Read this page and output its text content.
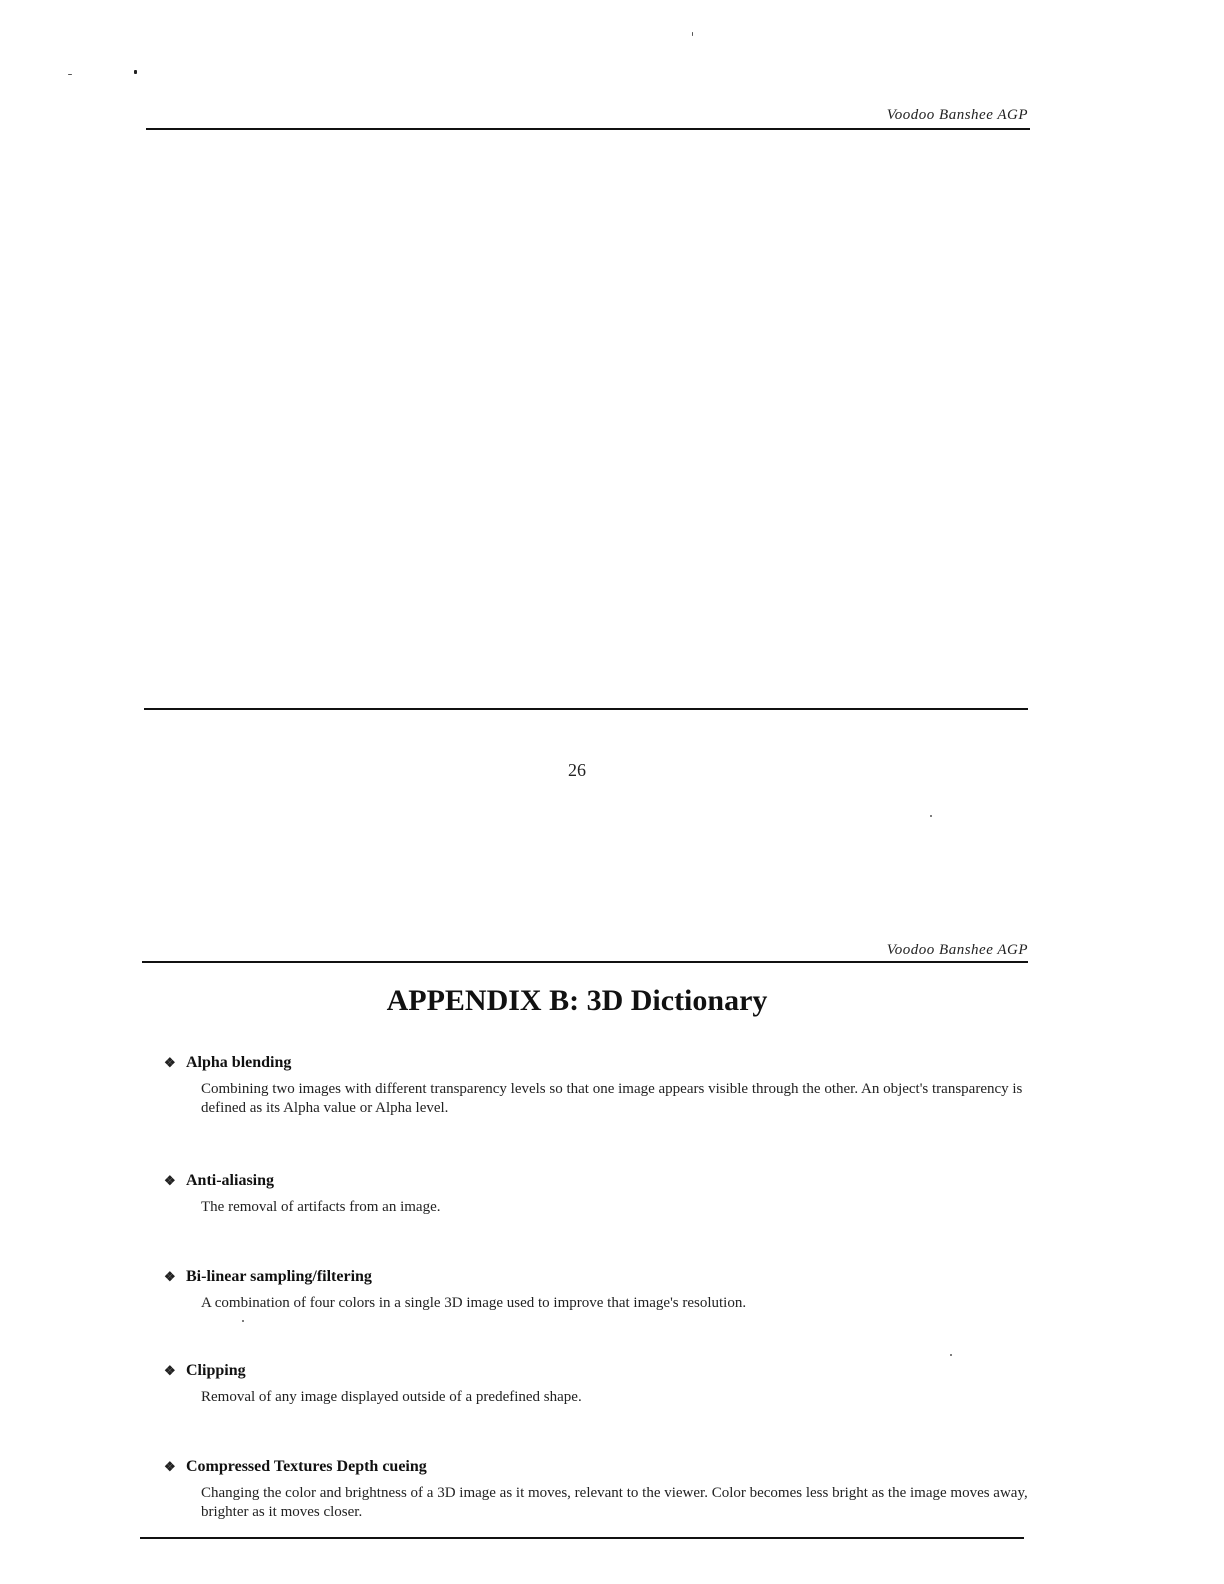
Voodoo Banshee AGP
26
Voodoo Banshee AGP
APPENDIX B: 3D Dictionary
❖ Alpha blending

Combining two images with different transparency levels so that one image appears visible through the other. An object's transparency is defined as its Alpha value or Alpha level.

❖ Anti-aliasing

The removal of artifacts from an image.

❖ Bi-linear sampling/filtering

A combination of four colors in a single 3D image used to improve that image's resolution.

❖ Clipping

Removal of any image displayed outside of a predefined shape.

❖ Compressed Textures Depth cueing

Changing the color and brightness of a 3D image as it moves, relevant to the viewer. Color becomes less bright as the image moves away, brighter as it moves closer.
